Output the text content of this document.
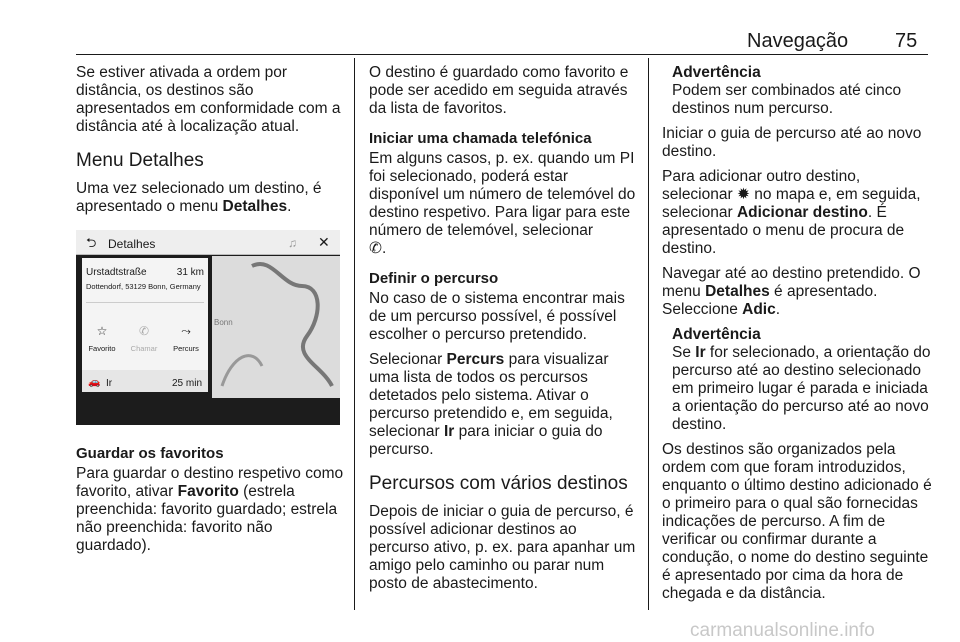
Navegação 75

Se estiver ativada a ordem por distância, os destinos são apresentados em conformidade com a distância até à localização atual.

Menu Detalhes

Uma vez selecionado um destino, é apresentado o menu Detalhes.

⮌ Detalhes	♫ ✕
Urstadtstraße	31 km
Dottendorf, 53129 Bonn, Germany
☆
Favorito
✆
Chamar
⤳
Percurs
🚗 Ir	25 min
Bonn
Guardar os favoritos

Para guardar o destino respetivo como favorito, ativar Favorito (estrela preenchida: favorito guardado; estrela não preenchida: favorito não guardado).

O destino é guardado como favorito e pode ser acedido em seguida através da lista de favoritos.

Iniciar uma chamada telefónica

Em alguns casos, p. ex. quando um PI foi selecionado, poderá estar disponível um número de telemóvel do destino respetivo. Para ligar para este número de telemóvel, selecionar
✆.

Definir o percurso

No caso de o sistema encontrar mais de um percurso possível, é possível escolher o percurso pretendido.

Selecionar Percurs para visualizar uma lista de todos os percursos detetados pelo sistema. Ativar o percurso pretendido e, em seguida, selecionar Ir para iniciar o guia do percurso.

Percursos com vários destinos

Depois de iniciar o guia de percurso, é possível adicionar destinos ao percurso ativo, p. ex. para apanhar um amigo pelo caminho ou parar num posto de abastecimento.

Advertência

Podem ser combinados até cinco destinos num percurso.

Iniciar o guia de percurso até ao novo destino.

Para adicionar outro destino, selecionar ✹ no mapa e, em seguida, selecionar Adicionar destino. É apresentado o menu de procura de destino.

Navegar até ao destino pretendido. O menu Detalhes é apresentado. Seleccione Adic.

Advertência

Se Ir for selecionado, a orientação do percurso até ao destino selecionado em primeiro lugar é parada e iniciada a orientação do percurso até ao novo destino.

Os destinos são organizados pela ordem com que foram introduzidos, enquanto o último destino adicionado é o primeiro para o qual são fornecidas indicações de percurso. A fim de verificar ou confirmar durante a condução, o nome do destino seguinte é apresentado por cima da hora de chegada e da distância.

carmanualsonline.info
